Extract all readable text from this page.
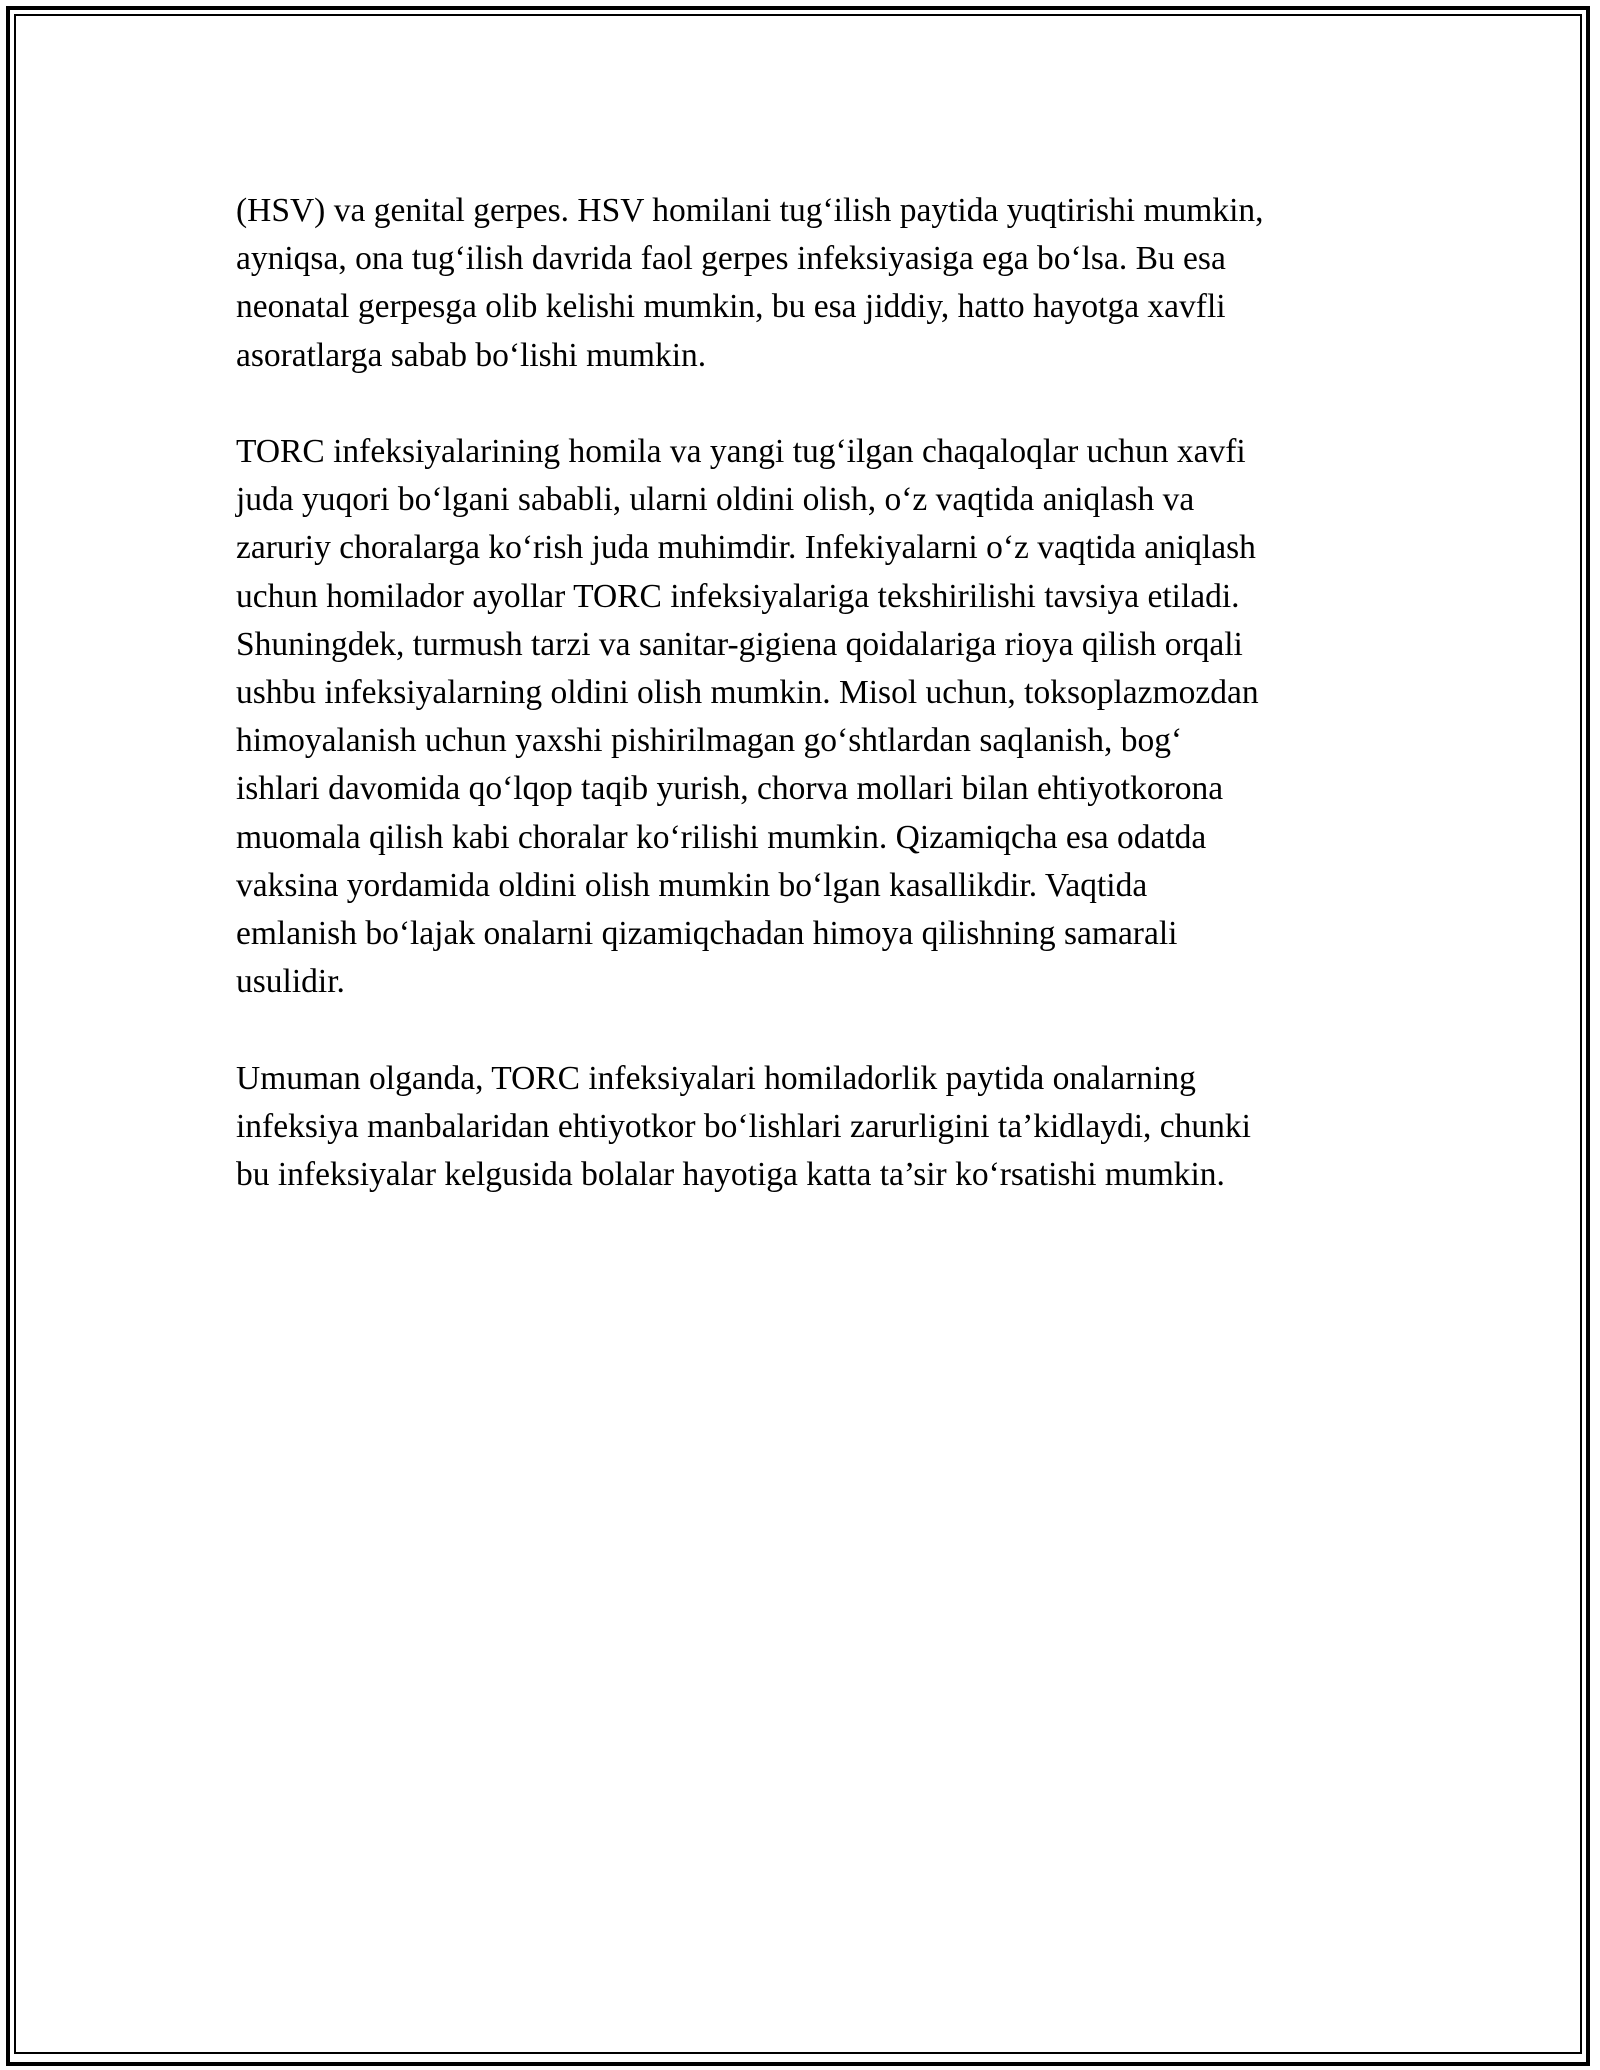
(HSV) va genital gerpes. HSV homilani tug‘ilish paytida yuqtirishi mumkin,
ayniqsa, ona tug‘ilish davrida faol gerpes infeksiyasiga ega bo‘lsa. Bu esa
neonatal gerpesga olib kelishi mumkin, bu esa jiddiy, hatto hayotga xavfli
asoratlarga sabab bo‘lishi mumkin.

TORC infeksiyalarining homila va yangi tug‘ilgan chaqaloqlar uchun xavfi
juda yuqori bo‘lgani sababli, ularni oldini olish, o‘z vaqtida aniqlash va
zaruriy choralarga ko‘rish juda muhimdir. Infekiyalarni o‘z vaqtida aniqlash
uchun homilador ayollar TORC infeksiyalariga tekshirilishi tavsiya etiladi.
Shuningdek, turmush tarzi va sanitar-gigiena qoidalariga rioya qilish orqali
ushbu infeksiyalarning oldini olish mumkin. Misol uchun, toksoplazmozdan
himoyalanish uchun yaxshi pishirilmagan go‘shtlardan saqlanish, bog‘
ishlari davomida qo‘lqop taqib yurish, chorva mollari bilan ehtiyotkorona
muomala qilish kabi choralar ko‘rilishi mumkin. Qizamiqcha esa odatda
vaksina yordamida oldini olish mumkin bo‘lgan kasallikdir. Vaqtida
emlanish bo‘lajak onalarni qizamiqchadan himoya qilishning samarali
usulidir.

Umuman olganda, TORC infeksiyalari homiladorlik paytida onalarning
infeksiya manbalaridan ehtiyotkor bo‘lishlari zarurligini ta’kidlaydi, chunki
bu infeksiyalar kelgusida bolalar hayotiga katta ta’sir ko‘rsatishi mumkin.
